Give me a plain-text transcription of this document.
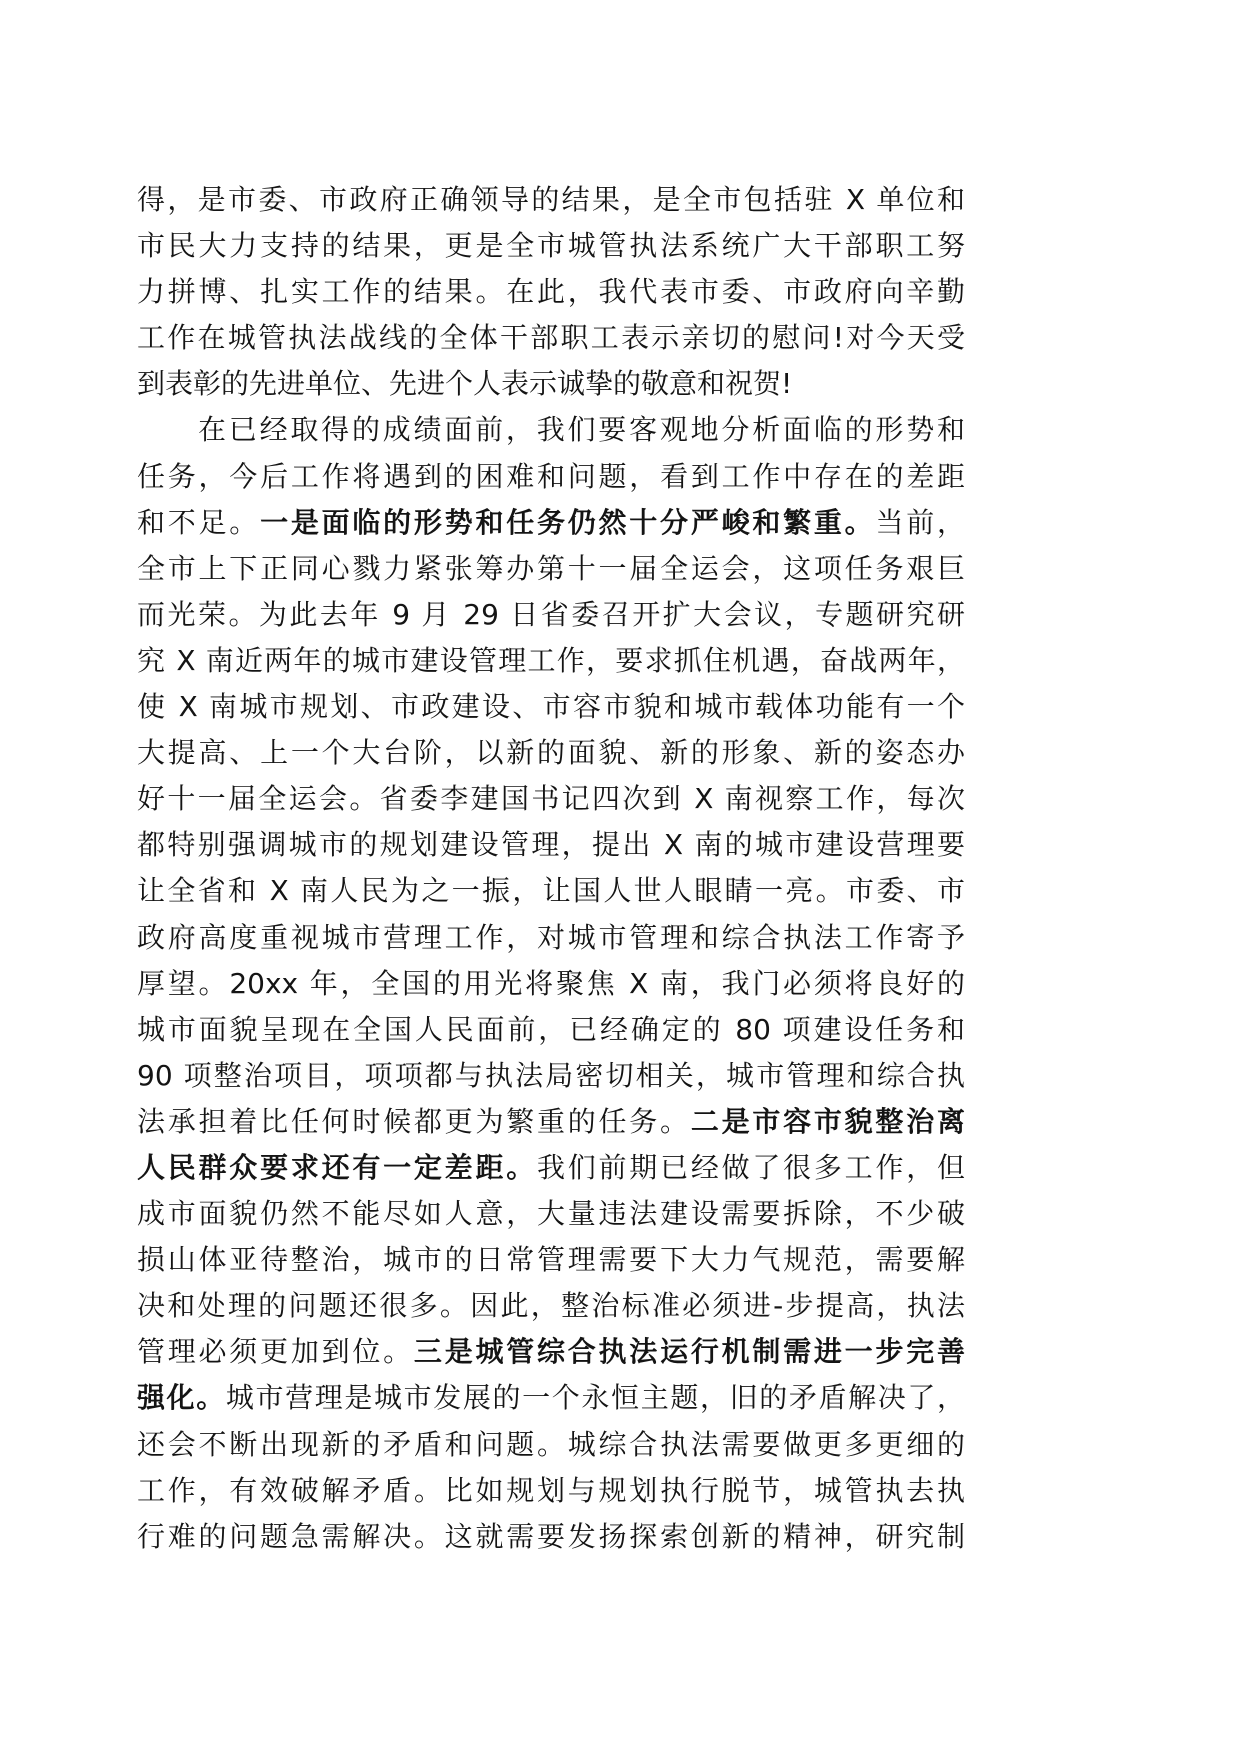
得，是市委、市政府正确领导的结果，是全市包括驻 X 单位和
市民大力支持的结果，更是全市城管执法系统广大干部职工努
力拼博、扎实工作的结果。在此，我代表市委、市政府向辛勤
工作在城管执法战线的全体干部职工表示亲切的慰问!对今天受
到表彰的先进单位、先进个人表示诚挚的敬意和祝贺!
在已经取得的成绩面前，我们要客观地分析面临的形势和
任务，今后工作将遇到的困难和问题，看到工作中存在的差距
和不足。一是面临的形势和任务仍然十分严峻和繁重。当前，
全市上下正同心戮力紧张筹办第十一届全运会，这项任务艰巨
而光荣。为此去年 9 月 29 日省委召开扩大会议，专题研究研
究 X 南近两年的城市建设管理工作，要求抓住机遇，奋战两年，
使 X 南城市规划、市政建设、市容市貌和城市载体功能有一个
大提高、上一个大台阶，以新的面貌、新的形象、新的姿态办
好十一届全运会。省委李建国书记四次到 X 南视察工作，每次
都特别强调城市的规划建设管理，提出 X 南的城市建设营理要
让全省和 X 南人民为之一振，让国人世人眼睛一亮。市委、市
政府高度重视城市营理工作，对城市管理和综合执法工作寄予
厚望。20xx 年，全国的用光将聚焦 X 南，我门必须将良好的
城市面貌呈现在全国人民面前，已经确定的 80 项建设任务和
90 项整治项目，项项都与执法局密切相关，城市管理和综合执
法承担着比任何时候都更为繁重的任务。二是市容市貌整治离
人民群众要求还有一定差距。我们前期已经做了很多工作，但
成市面貌仍然不能尽如人意，大量违法建设需要拆除，不少破
损山体亚待整治，城市的日常管理需要下大力气规范，需要解
决和处理的问题还很多。因此，整治标准必须进-步提高，执法
管理必须更加到位。三是城管综合执法运行机制需进一步完善
强化。城市营理是城市发展的一个永恒主题，旧的矛盾解决了，
还会不断出现新的矛盾和问题。城综合执法需要做更多更细的
工作，有效破解矛盾。比如规划与规划执行脱节，城管执去执
行难的问题急需解决。这就需要发扬探索创新的精神，研究制
